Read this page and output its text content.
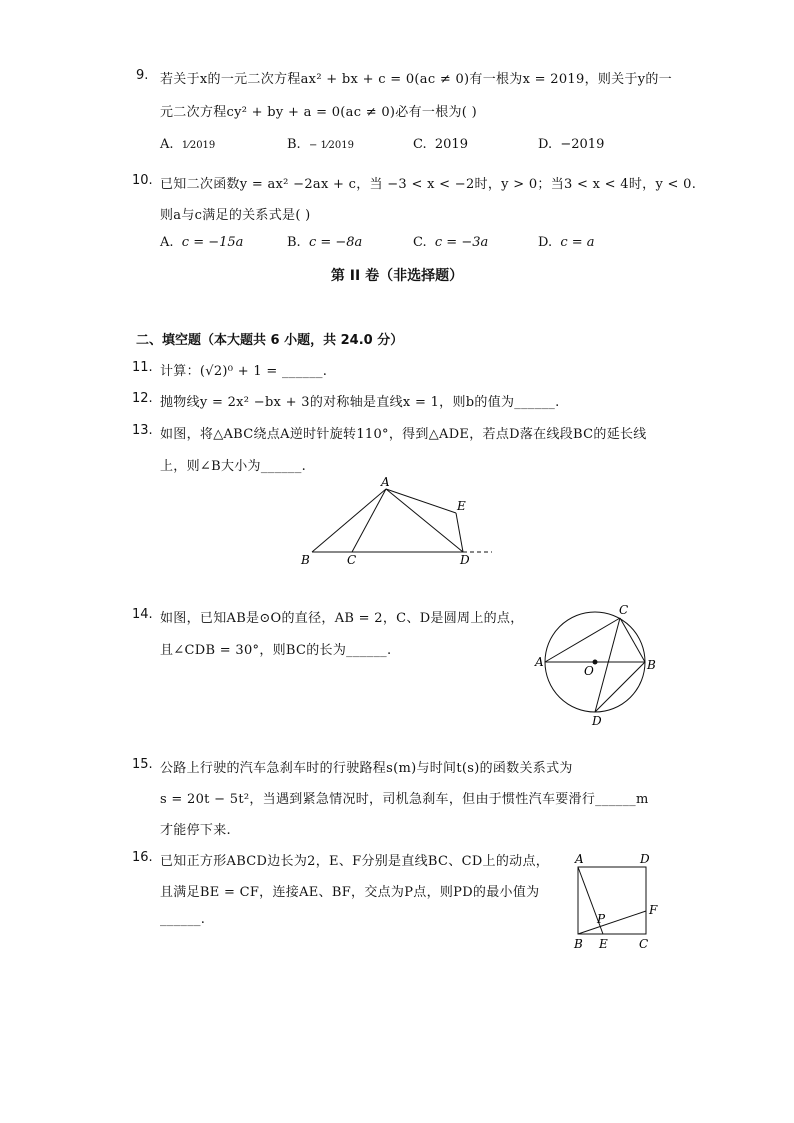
9. 若关于x的一元二次方程ax² + bx + c = 0(ac ≠ 0)有一根为x = 2019，则关于y的一
元二次方程cy² + by + a = 0(ac ≠ 0)必有一根为( )
A. 1⁄2019	B. − 1⁄2019	C. 2019	D. −2019
10. 已知二次函数y = ax² −2ax + c，当 −3 < x < −2时，y > 0；当3 < x < 4时，y < 0.
则a与c满足的关系式是( )
A. c = −15a	B. c = −8a	C. c = −3a	D. c = a
第 II 卷（非选择题）
二、填空题（本大题共 6 小题，共 24.0 分）
11. 计算：(√2)⁰ + 1 = ______.
12. 抛物线y = 2x² −bx + 3的对称轴是直线x = 1，则b的值为______.
13. 如图，将△ABC绕点A逆时针旋转110°，得到△ADE，若点D落在线段BC的延长线
上，则∠B大小为______.
A
B	C	D
E
14. 如图，已知AB是⊙O的直径，AB = 2，C、D是圆周上的点，
且∠CDB = 30°，则BC的长为______.
A	B
C
D
O
15. 公路上行驶的汽车急刹车时的行驶路程s(m)与时间t(s)的函数关系式为
s = 20t − 5t²，当遇到紧急情况时，司机急刹车，但由于惯性汽车要滑行______m
才能停下来.
16. 已知正方形ABCD边长为2，E、F分别是直线BC、CD上的动点，
且满足BE = CF，连接AE、BF，交点为P点，则PD的最小值为
______.
A	D
B E	C
F
P
